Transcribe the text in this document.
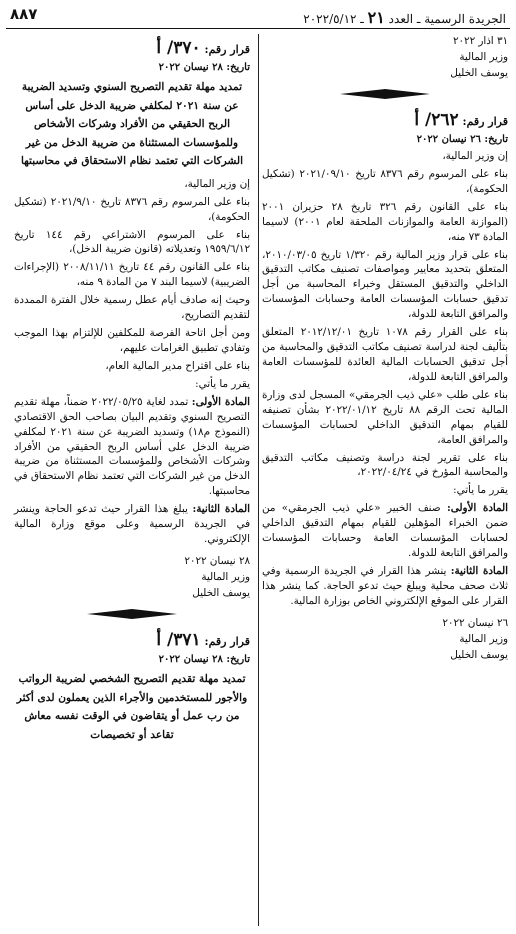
الجريدة الرسمية ـ العدد ٢١ ـ ٢٠٢٢/٥/١٢
٨٨٧

٣١ اذار ٢٠٢٢

وزير المالية

يوسف الخليل

قرار رقم: ٢٦٢/ أ
تاريخ: ٢٦ نيسان ٢٠٢٢

إن وزير المالية،

بناء على المرسوم رقم ٨٣٧٦ تاريخ ٢٠٢١/٠٩/١٠ (تشكيل الحكومة)،

بناء على القانون رقم ٣٢٦ تاريخ ٢٨ حزيران ٢٠٠١ (الموازنة العامة والموازنات الملحقة لعام ٢٠٠١) لاسيما المادة ٧٣ منه،

بناء على قرار وزير المالية رقم ١/٣٢٠ تاريخ ٢٠١٠/٠٣/٠٥، المتعلق بتحديد معايير ومواصفات تصنيف مكاتب التدقيق الداخلي والتدقيق المستقل وخبراء المحاسبة من أجل تدقيق حسابات المؤسسات العامة وحسابات المؤسسات والمرافق التابعة للدولة،

بناء على القرار رقم ١٠٧٨ تاريخ ٢٠١٢/١٢/٠١ المتعلق بتأليف لجنة لدراسة تصنيف مكاتب التدقيق والمحاسبة من أجل تدقيق الحسابات المالية العائدة للمؤسسات العامة والمرافق التابعة للدولة،

بناء على طلب «علي ذيب الجرمقي» المسجل لدى وزارة المالية تحت الرقم ٨٨ تاريخ ٢٠٢٢/٠١/١٢ بشأن تصنيفه للقيام بمهام التدقيق الداخلي لحسابات المؤسسات والمرافق العامة،

بناء على تقرير لجنة دراسة وتصنيف مكاتب التدقيق والمحاسبة المؤرخ في ٢٠٢٢/٠٤/٢٤،

يقرر ما يأتي:

المادة الأولى: صنف الخبير «علي ذيب الجرمقي» من ضمن الخبراء المؤهلين للقيام بمهام التدقيق الداخلي لحسابات المؤسسات العامة وحسابات المؤسسات والمرافق التابعة للدولة.

المادة الثانية: ينشر هذا القرار في الجريدة الرسمية وفي ثلاث صحف محلية ويبلغ حيث تدعو الحاجة. كما ينشر هذا القرار على الموقع الإلكتروني الخاص بوزارة المالية.

٢٦ نيسان ٢٠٢٢

وزير المالية

يوسف الخليل

قرار رقم: ٣٧٠/ أ
تاريخ: ٢٨ نيسان ٢٠٢٢
تمديد مهلة تقديم التصريح السنوي وتسديد الضريبة عن سنة ٢٠٢١ لمكلفي ضريبة الدخل على أساس الربح الحقيقي من الأفراد وشركات الأشخاص وللمؤسسات المستثناة من ضريبة الدخل من غير الشركات التي تعتمد نظام الاستحقاق في محاسبتها

إن وزير المالية،

بناء على المرسوم رقم ٨٣٧٦ تاريخ ٢٠٢١/٩/١٠ (تشكيل الحكومة)،

بناء على المرسوم الاشتراعي رقم ١٤٤ تاريخ ١٩٥٩/٦/١٢ وتعديلاته (قانون ضريبة الدخل)،

بناء على القانون رقم ٤٤ تاريخ ٢٠٠٨/١١/١١ (الإجراءات الضريبية) لاسيما البند ٧ من المادة ٩ منه،

وحيث إنه صادف أيام عطل رسمية خلال الفترة الممددة لتقديم التصاريح،

ومن أجل اتاحة الفرصة للمكلفين للإلتزام بهذا الموجب وتفادي تطبيق الغرامات عليهم،

بناء على اقتراح مدير المالية العام،

يقرر ما يأتي:

المادة الأولى: تمدد لغاية ٢٠٢٢/٠٥/٢٥ ضمناً، مهلة تقديم التصريح السنوي وتقديم البيان بصاحب الحق الاقتصادي (النموذج م١٨) وتسديد الضريبة عن سنة ٢٠٢١ لمكلفي ضريبة الدخل على أساس الربح الحقيقي من الأفراد وشركات الأشخاص وللمؤسسات المستثناة من ضريبة الدخل من غير الشركات التي تعتمد نظام الاستحقاق في محاسبتها.

المادة الثانية: يبلغ هذا القرار حيث تدعو الحاجة وينشر في الجريدة الرسمية وعلى موقع وزارة المالية الإلكتروني.

٢٨ نيسان ٢٠٢٢

وزير المالية

يوسف الخليل

قرار رقم: ٣٧١/ أ
تاريخ: ٢٨ نيسان ٢٠٢٢
تمديد مهلة تقديم التصريح الشخصي لضريبة الرواتب والأجور للمستخدمين والأجراء الذين يعملون لدى أكثر من رب عمل أو يتقاضون في الوقت نفسه معاش تقاعد أو تخصيصات
